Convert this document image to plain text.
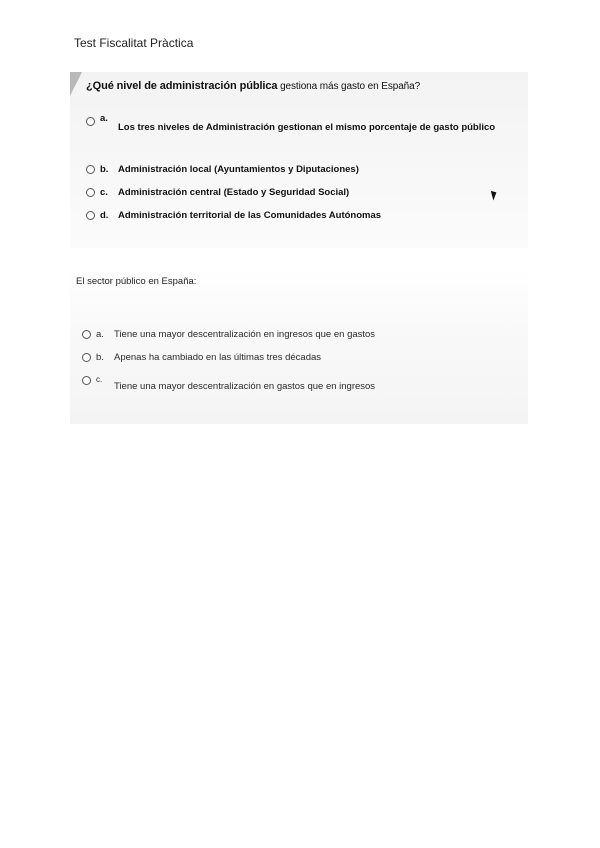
Test Fiscalitat Pràctica
¿Qué nivel de administración pública gestiona más gasto en España?
a.
Los tres niveles de Administración gestionan el mismo porcentaje de gasto público
b.	Administración local (Ayuntamientos y Diputaciones)
c.	Administración central (Estado y Seguridad Social)
d.	Administración territorial de las Comunidades Autónomas
El sector público en España:
a.	Tiene una mayor descentralización en ingresos que en gastos
b.	Apenas ha cambiado en las últimas tres décadas
c.
Tiene una mayor descentralización en gastos que en ingresos
